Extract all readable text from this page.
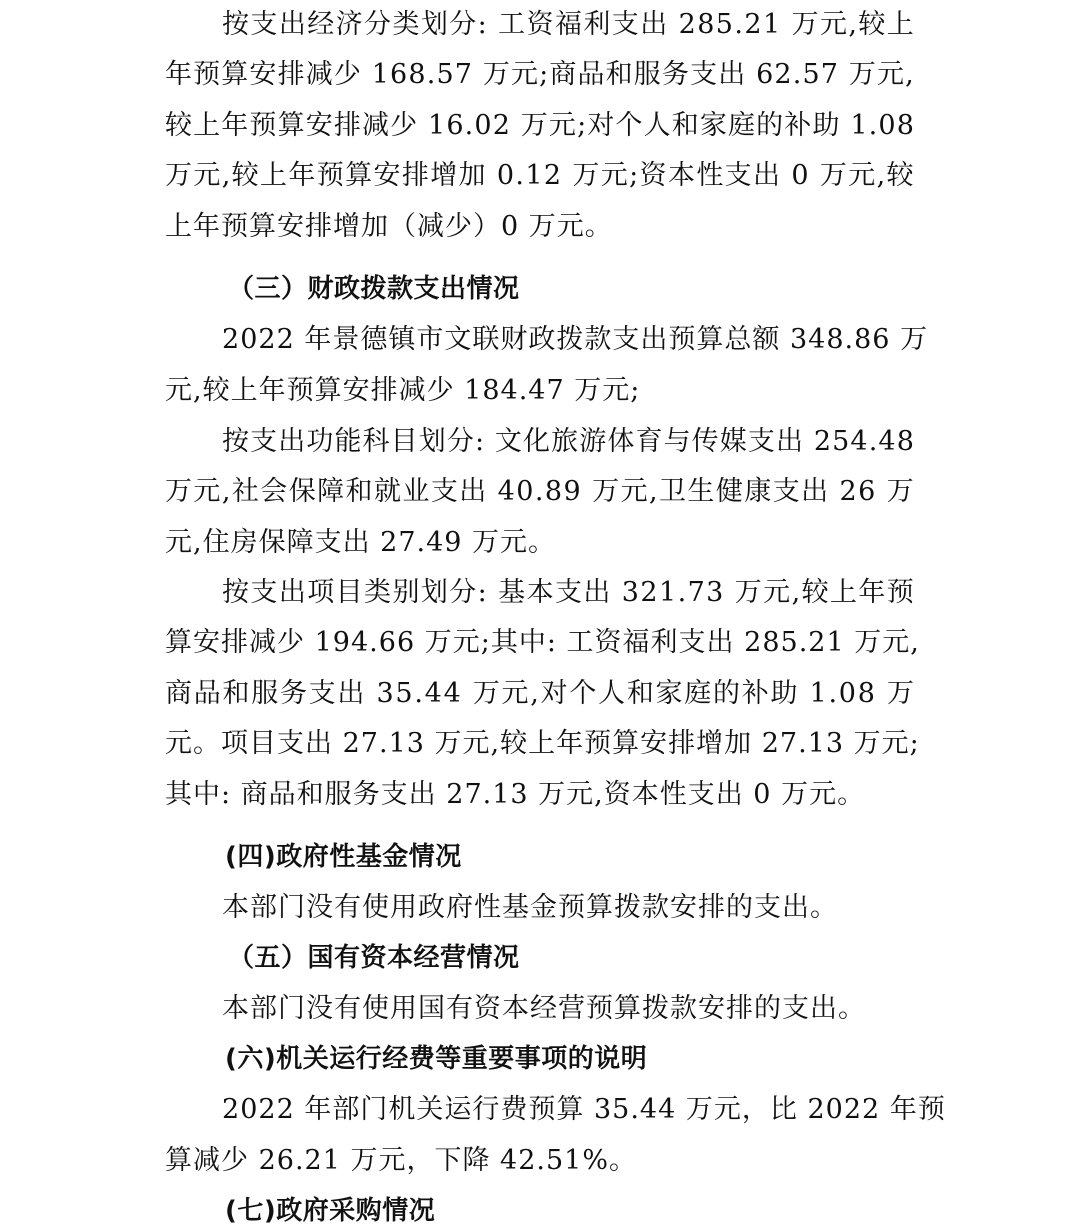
按 支 出 经 济 分 类 划 分 :
工 资 福 利 支 出
2 8 5 . 2 1
万 元 , 较 上
年 预 算 安 排 减 少
1 6 8 . 5 7
万 元 ; 商 品 和 服 务 支 出
6 2 . 5 7
万 元 ,
较 上 年 预 算 安 排 减 少
1 6 . 0 2
万 元 ; 对 个 人 和 家 庭 的 补 助
1 . 0 8
万 元 , 较 上 年 预 算 安 排 增 加
0 . 1 2
万 元 ; 资 本 性 支 出
0
万 元 , 较
上年预算安排增加（减少）0 万元。
（三）财政拨款支出情况
2 0 2 2
年 景 德 镇 市 文 联 财 政 拨 款 支 出 预 算 总 额
3 4 8 . 8 6
万
元,较上年预算安排减少 184.47 万元;
按 支 出 功 能 科 目 划 分 :
文 化 旅 游 体 育 与 传 媒 支 出
2 5 4 . 4 8
万 元 , 社 会 保 障 和 就 业 支 出
4 0 . 8 9
万 元 , 卫 生 健 康 支 出
2 6
万
元,住房保障支出 27.49 万元。
按 支 出 项 目 类 别 划 分 :
基 本 支 出
3 2 1 . 7 3
万 元 , 较 上 年 预
算 安 排 减 少
1 9 4 . 6 6
万 元 ; 其 中 :
工 资 福 利 支 出
2 8 5 . 2 1
万 元 ,
商 品 和 服 务 支 出
3 5 . 4 4
万 元 , 对 个 人 和 家 庭 的 补 助
1 . 0 8
万
元 。 项 目 支 出
2 7 . 1 3
万 元 , 较 上 年 预 算 安 排 增 加
2 7 . 1 3
万 元 ;
其中: 商品和服务支出 27.13 万元,资本性支出 0 万元。
(四)政府性基金情况
本部门没有使用政府性基金预算拨款安排的支出。
（五）国有资本经营情况
本部门没有使用国有资本经营预算拨款安排的支出。
(六)机关运行经费等重要事项的说明
2 0 2 2
年 部 门 机 关 运 行 费 预 算
3 5 . 4 4
万 元 ， 比
2 0 2 2
年 预
算减少 26.21 万元，下降 42.51%。
(七)政府采购情况
